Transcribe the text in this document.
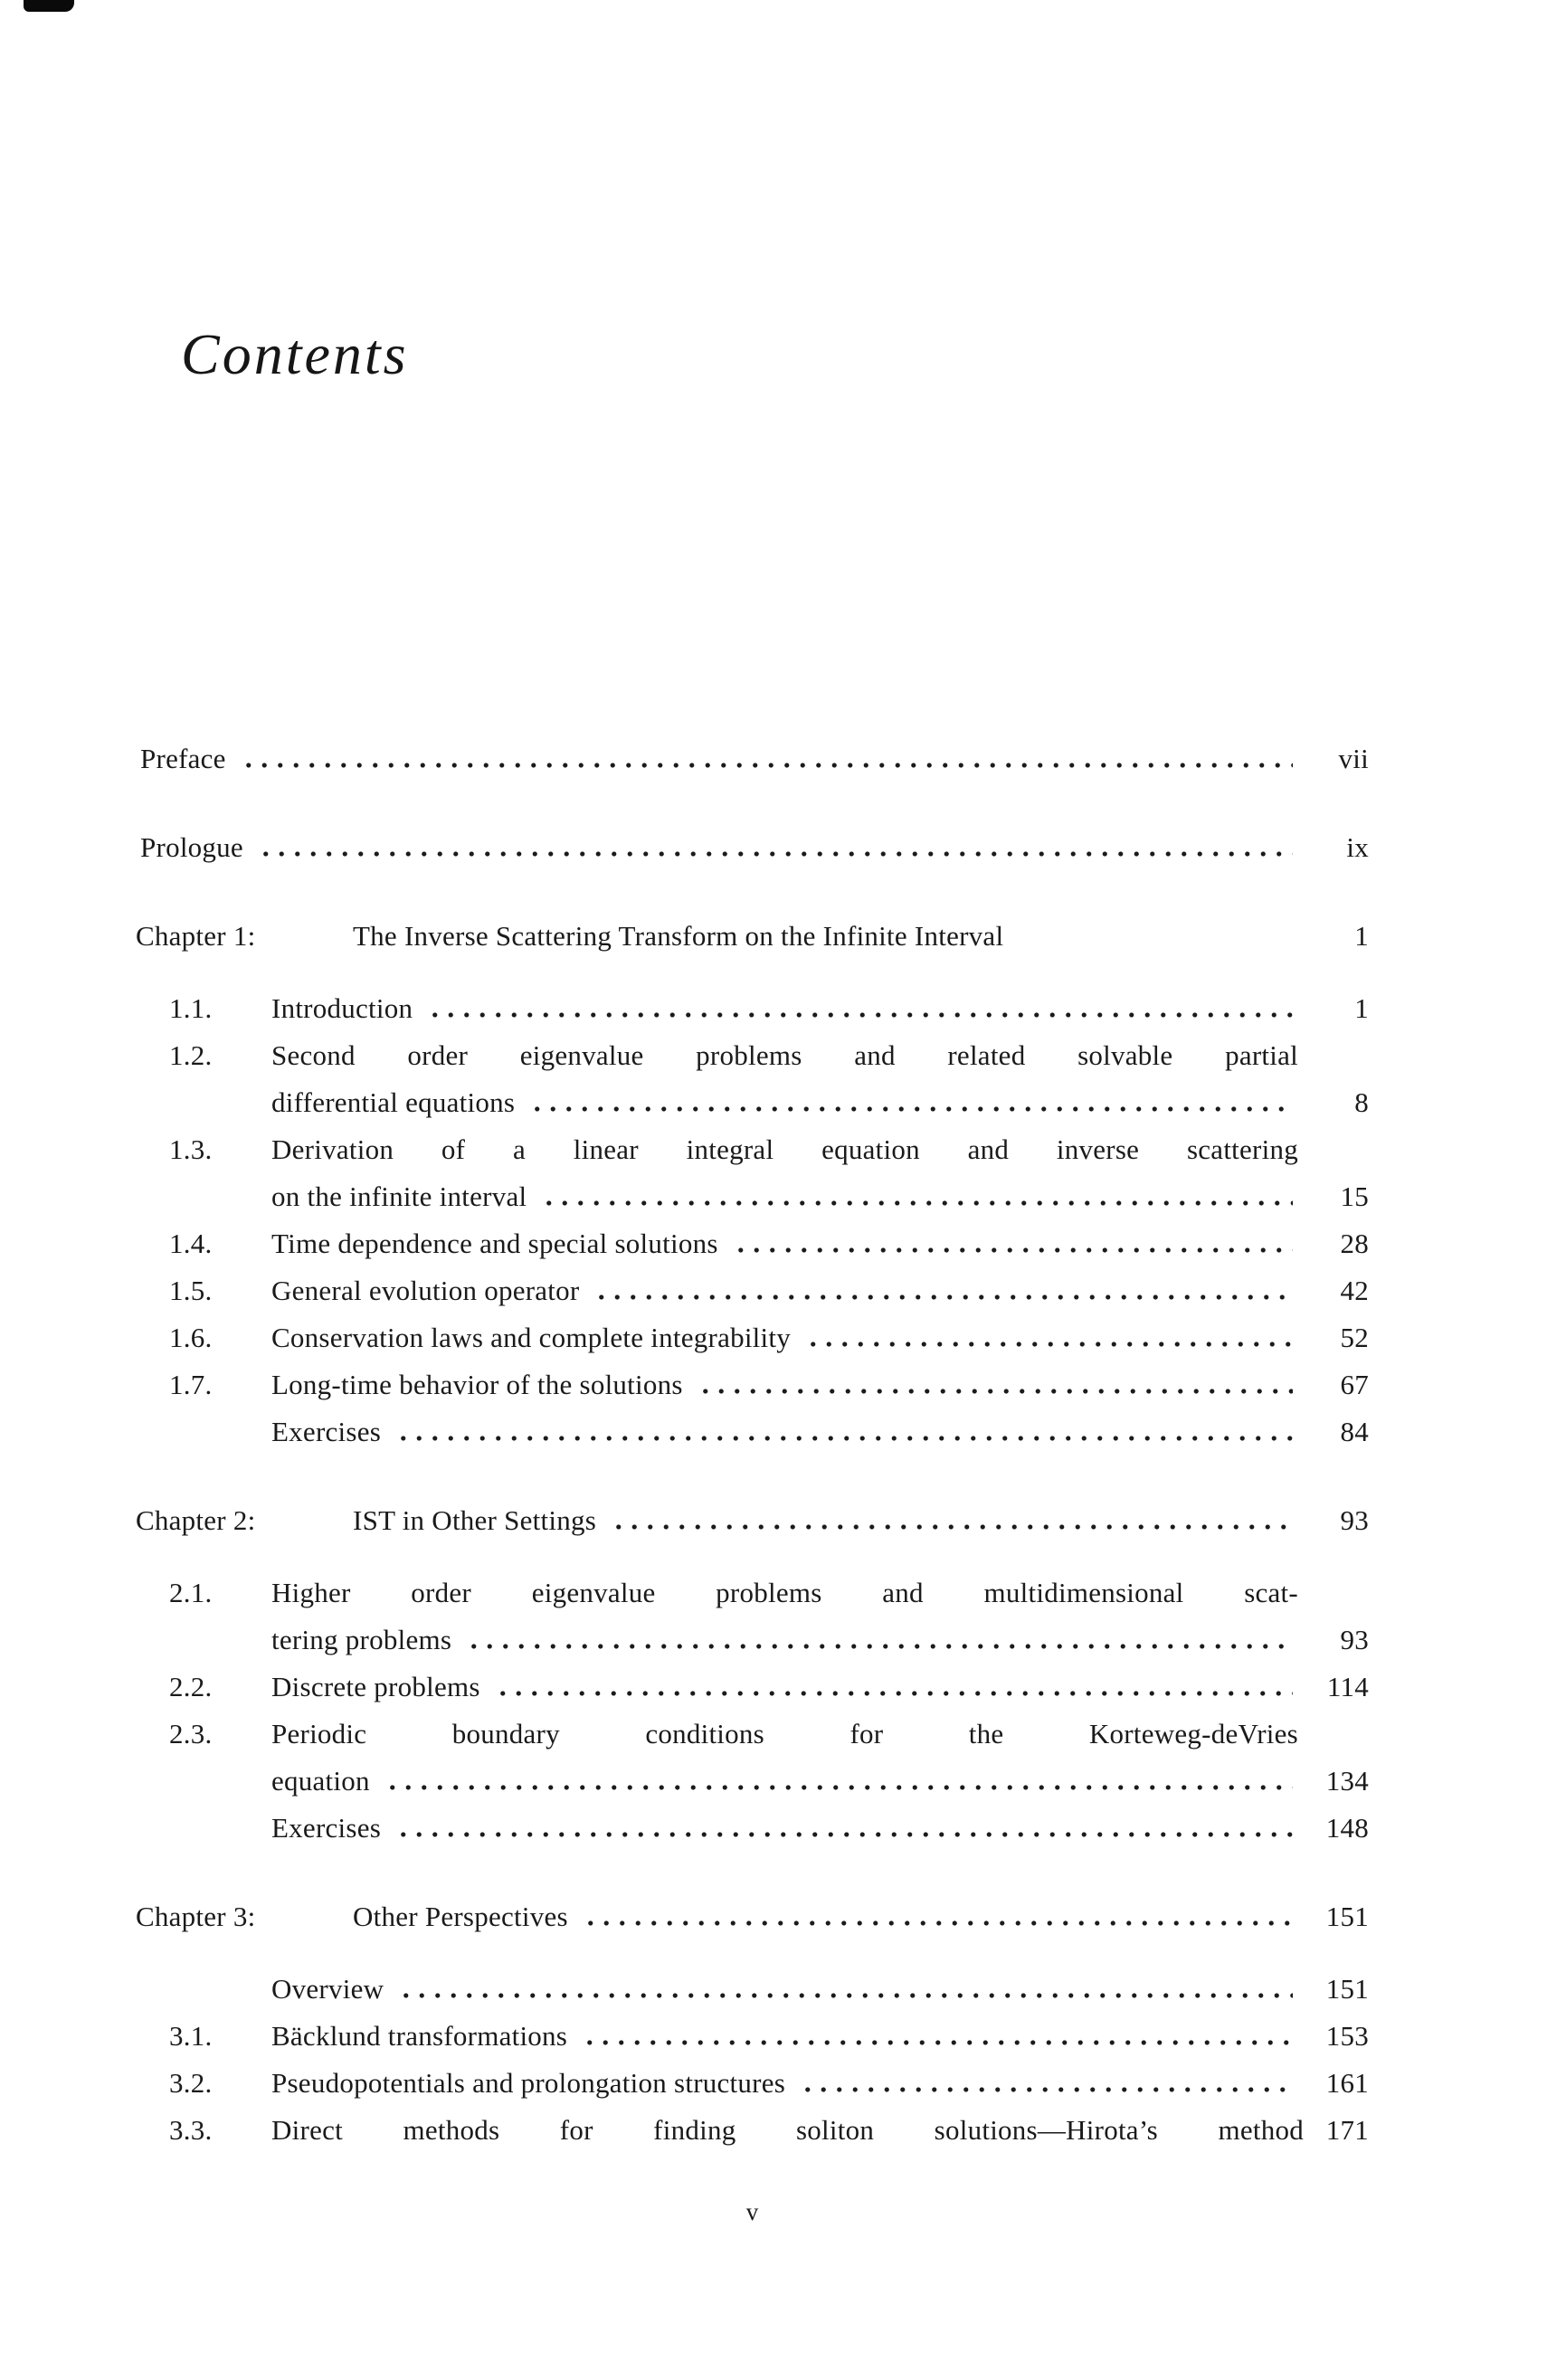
Contents
Preface	vii
Prologue	ix
Chapter 1:	The Inverse Scattering Transform on the Infinite Interval	1
1.1.	Introduction	1
1.2.	Second order eigenvalue problems and related solvable partial
differential equations	8
1.3.	Derivation of a linear integral equation and inverse scattering
on the infinite interval	15
1.4.	Time dependence and special solutions	28
1.5.	General evolution operator	42
1.6.	Conservation laws and complete integrability	52
1.7.	Long-time behavior of the solutions	67
Exercises	84
Chapter 2:	IST in Other Settings	93
2.1.	Higher order eigenvalue problems and multidimensional scat-
tering problems	93
2.2.	Discrete problems	114
2.3.	Periodic boundary conditions for the Korteweg-deVries
equation	134
Exercises	148
Chapter 3:	Other Perspectives	151
Overview	151
3.1.	Bäcklund transformations	153
3.2.	Pseudopotentials and prolongation structures	161
3.3.	Direct methods for finding soliton solutions—Hirota’s method 171
v
